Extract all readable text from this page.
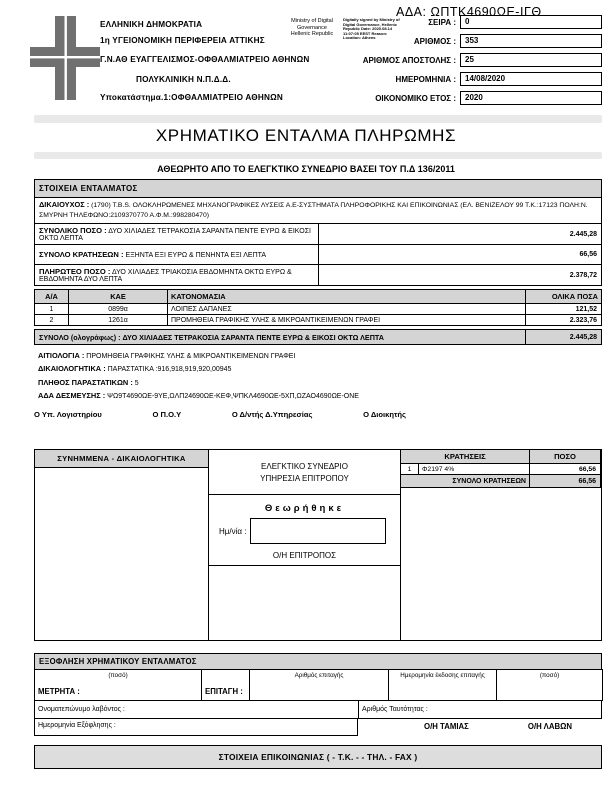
ΑΔΑ: ΩΠΤΚ4690ΩΕ-ΙΓΘ
ΕΛΛΗΝΙΚΗ ΔΗΜΟΚΡΑΤΙΑ
1η ΥΓΕΙΟΝΟΜΙΚΗ ΠΕΡΙΦΕΡΕΙΑ ΑΤΤΙΚΗΣ
Γ.Ν.ΑΘ ΕΥΑΓΓΕΛΙΣΜΟΣ-ΟΦΘΑΛΜΙΑΤΡΕΙΟ ΑΘΗΝΩΝ
ΠΟΛΥΚΛΙΝΙΚΗ Ν.Π.Δ.Δ.
Υποκατάστημα.1:ΟΦΘΑΛΜΙΑΤΡΕΙΟ ΑΘΗΝΩΝ
Ministry of Digital
Governance
Hellenic Republic
Digitally signed by Ministry of Digital Governance, Hellenic Republic Date: 2020.08.14 11:07:05 EEST Reason: Location: Athens
ΣΕΙΡΑ :	0
ΑΡΙΘΜΟΣ :	353
ΑΡΙΘΜΟΣ ΑΠΟΣΤΟΛΗΣ :	25
ΗΜΕΡΟΜΗΝΙΑ :	14/08/2020
ΟΙΚΟΝΟΜΙΚΟ ΕΤΟΣ :	2020
ΧΡΗΜΑΤΙΚΟ ΕΝΤΑΛΜΑ ΠΛΗΡΩΜΗΣ
ΑΘΕΩΡΗΤΟ ΑΠΟ ΤΟ ΕΛΕΓΚΤΙΚΟ ΣΥΝΕΔΡΙΟ ΒΑΣΕΙ ΤΟΥ Π.Δ 136/2011
ΣΤΟΙΧΕΙΑ ΕΝΤΑΛΜΑΤΟΣ	
ΔΙΚΑΙΟΥΧΟΣ : (1790) T.B.S. ΟΛΟΚΛΗΡΩΜΕΝΕΣ ΜΗΧΑΝΟΓΡΑΦΙΚΕΣ ΛΥΣΕΙΣ Α.Ε-ΣΥΣΤΗΜΑΤΑ ΠΛΗΡΟΦΟΡΙΚΗΣ ΚΑΙ ΕΠΙΚΟΙΝΩΝΙΑΣ (ΕΛ. ΒΕΝΙΖΕΛΟΥ 99 Τ.Κ.:17123 ΠΟΛΗ:Ν. ΣΜΥΡΝΗ ΤΗΛΕΦΩΝΟ:2109370770 Α.Φ.Μ.:998280470)	
ΣΥΝΟΛΙΚΟ ΠΟΣΟ : ΔΥΟ ΧΙΛΙΑΔΕΣ ΤΕΤΡΑΚΟΣΙΑ ΣΑΡΑΝΤΑ ΠΕΝΤΕ ΕΥΡΩ & ΕΙΚΟΣΙ ΟΚΤΩ ΛΕΠΤΑ	2.445,28
ΣΥΝΟΛΟ ΚΡΑΤΗΣΕΩΝ : ΕΞΗΝΤΑ ΕΞΙ ΕΥΡΩ & ΠΕΝΗΝΤΑ ΕΞΙ ΛΕΠΤΑ	66,56
ΠΛΗΡΩΤΕΟ ΠΟΣΟ : ΔΥΟ ΧΙΛΙΑΔΕΣ ΤΡΙΑΚΟΣΙΑ ΕΒΔΟΜΗΝΤΑ ΟΚΤΩ ΕΥΡΩ & ΕΒΔΟΜΗΝΤΑ ΔΥΟ ΛΕΠΤΑ	2.378,72
Α/Α	ΚΑΕ	ΚΑΤΟΝΟΜΑΣΙΑ	ΟΛΙΚΑ ΠΟΣΑ
1	0899α	ΛΟΙΠΕΣ ΔΑΠΑΝΕΣ	121,52
2	1261α	ΠΡΟΜΗΘΕΙΑ ΓΡΑΦΙΚΗΣ ΥΛΗΣ & ΜΙΚΡΟΑΝΤΙΚΕΙΜΕΝΩΝ ΓΡΑΦΕΙ	2.323,76
ΣΥΝΟΛΟ (ολογράφως) : ΔΥΟ ΧΙΛΙΑΔΕΣ ΤΕΤΡΑΚΟΣΙΑ ΣΑΡΑΝΤΑ ΠΕΝΤΕ ΕΥΡΩ & ΕΙΚΟΣΙ ΟΚΤΩ ΛΕΠΤΑ	2.445,28
ΑΙΤΙΟΛΟΓΙΑ : ΠΡΟΜΗΘΕΙΑ ΓΡΑΦΙΚΗΣ ΥΛΗΣ & ΜΙΚΡΟΑΝΤΙΚΕΙΜΕΝΩΝ ΓΡΑΦΕΙ
ΔΙΚΑΙΟΛΟΓΗΤΙΚΑ : ΠΑΡΑΣΤΑΤΙΚΑ :916,918,919,920,00945
ΠΛΗΘΟΣ ΠΑΡΑΣΤΑΤΙΚΩΝ : 5
ΑΔΑ ΔΕΣΜΕΥΣΗΣ : ΨΩ9Τ4690ΩΕ-9ΥΕ,ΩΛΠ24690ΩΕ-ΚΕΦ,ΨΠΚΛ4690ΩΕ-5ΧΠ,ΩΖΑΟ4690ΩΕ-ΟΝΕ
Ο Υπ. Λογιστηρίου	Ο Π.Ο.Υ	Ο Δ/ντής Δ.Υπηρεσίας	Ο Διοικητής
ΣΥΝΗΜΜΕΝΑ - ΔΙΚΑΙΟΛΟΓΗΤΙΚΑ
ΕΛΕΓΚΤΙΚΟ ΣΥΝΕΔΡΙΟ
ΥΠΗΡΕΣΙΑ ΕΠΙΤΡΟΠΟΥ
Θεωρήθηκε
Ημ/νία :
Ο/Η ΕΠΙΤΡΟΠΟΣ
ΚΡΑΤΗΣΕΙΣ		ΠΟΣΟ
1	Φ2197 4%	66,56
ΣΥΝΟΛΟ ΚΡΑΤΗΣΕΩΝ		66,56
ΕΞΟΦΛΗΣΗ ΧΡΗΜΑΤΙΚΟΥ ΕΝΤΑΛΜΑΤΟΣ
(ποσό)
ΜΕΤΡΗΤΑ :	ΕΠΙΤΑΓΗ :

Αριθμός επιταγής	Ημερομηνία έκδοσης επιταγής	(ποσό)
Ονοματεπώνυμο λαβόντος :	Αριθμός Ταυτότητας :
Ημερομηνία Εξόφλησης :	Ο/Η ΤΑΜΙΑΣ	Ο/Η ΛΑΒΩΝ
ΣΤΟΙΧΕΙΑ ΕΠΙΚΟΙΝΩΝΙΑΣ ( - Τ.Κ. - - ΤΗΛ. - FAX )
